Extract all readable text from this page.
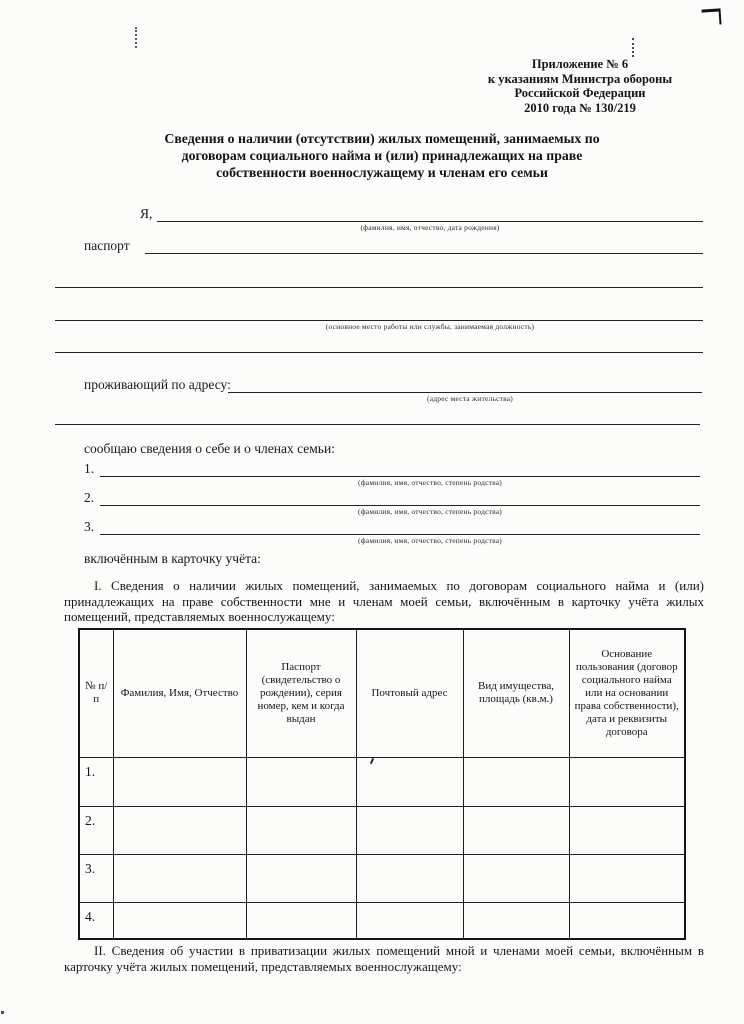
Приложение № 6
к указаниям Министра обороны
Российской Федерации
2010 года № 130/219
Сведения о наличии (отсутствии) жилых помещений, занимаемых по
договорам социального найма и (или) принадлежащих на праве
собственности военнослужащему и членам его семьи
Я,
(фамилия, имя, отчество, дата рождения)
паспорт
(основное место работы или службы, занимаемая должность)
проживающий по адресу:
(адрес места жительства)
сообщаю сведения о себе и о членах семьи:
1.
(фамилия, имя, отчество, степень родства)
2.
(фамилия, имя, отчество, степень родства)
3.
(фамилия, имя, отчество, степень родства)
включённым в карточку учёта:
I. Сведения о наличии жилых помещений, занимаемых по договорам социального найма и (или)
принадлежащих на праве собственности мне и членам моей семьи, включённым в карточку учёта жилых
помещений, представляемых военнослужащему:
№ п/п	Фамилия, Имя, Отчество	Паспорт (свидетельство о рождении), серия номер, кем и когда выдан	Почтовый адрес	Вид имущества, площадь (кв.м.)	Основание пользования (договор социального найма или на основании права собственности), дата и реквизиты договора
1.					
2.					
3.					
4.					
II. Сведения об участии в приватизации жилых помещений мной и членами моей семьи, включённым в
карточку учёта жилых помещений, представляемых военнослужащему:
